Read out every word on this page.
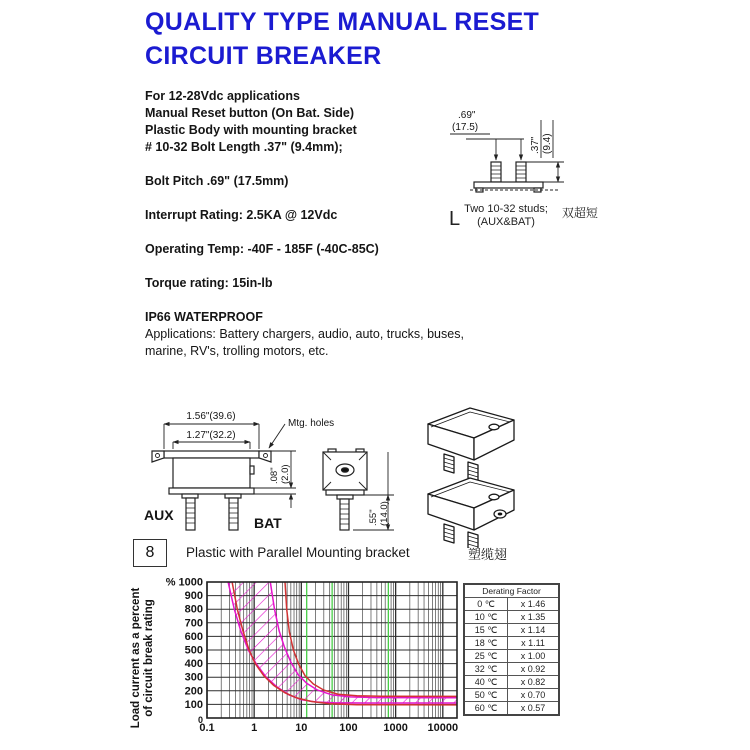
QUALITY TYPE MANUAL RESET
CIRCUIT BREAKER
For 12-28Vdc applications
Manual Reset button (On Bat. Side)
Plastic Body with mounting bracket
# 10-32 Bolt Length .37" (9.4mm);
Bolt Pitch .69" (17.5mm)
Interrupt Rating: 2.5KA @ 12Vdc
Operating Temp: -40F - 185F (-40C-85C)
Torque rating: 15in-lb
IP66 WATERPROOF
Applications: Battery chargers, audio, auto, trucks, buses, marine, RV's, trolling motors, etc.
.69"
(17.5)
.37" (9.4)
L Two 10-32 studs;
(AUX&BAT)
双超短
1.56"(39.6)
1.27"(32.2)
Mtg. holes
.08" (2.0)
AUX	BAT	.55" (14.0)
8 Plastic with Parallel Mounting bracket	塑缆翅
% 1000
900
800
700
600
500
400
300
200
100
0
0.1	1	10	100 1000 10000
Load current as a percent of circuit break rating
Derating Factor	
0 ℃	x 1.46
10 ℃	x 1.35
15 ℃	x 1.14
18 ℃	x 1.11
25 ℃	x 1.00
32 ℃	x 0.92
40 ℃	x 0.82
50 ℃	x 0.70
60 ℃	x 0.57
